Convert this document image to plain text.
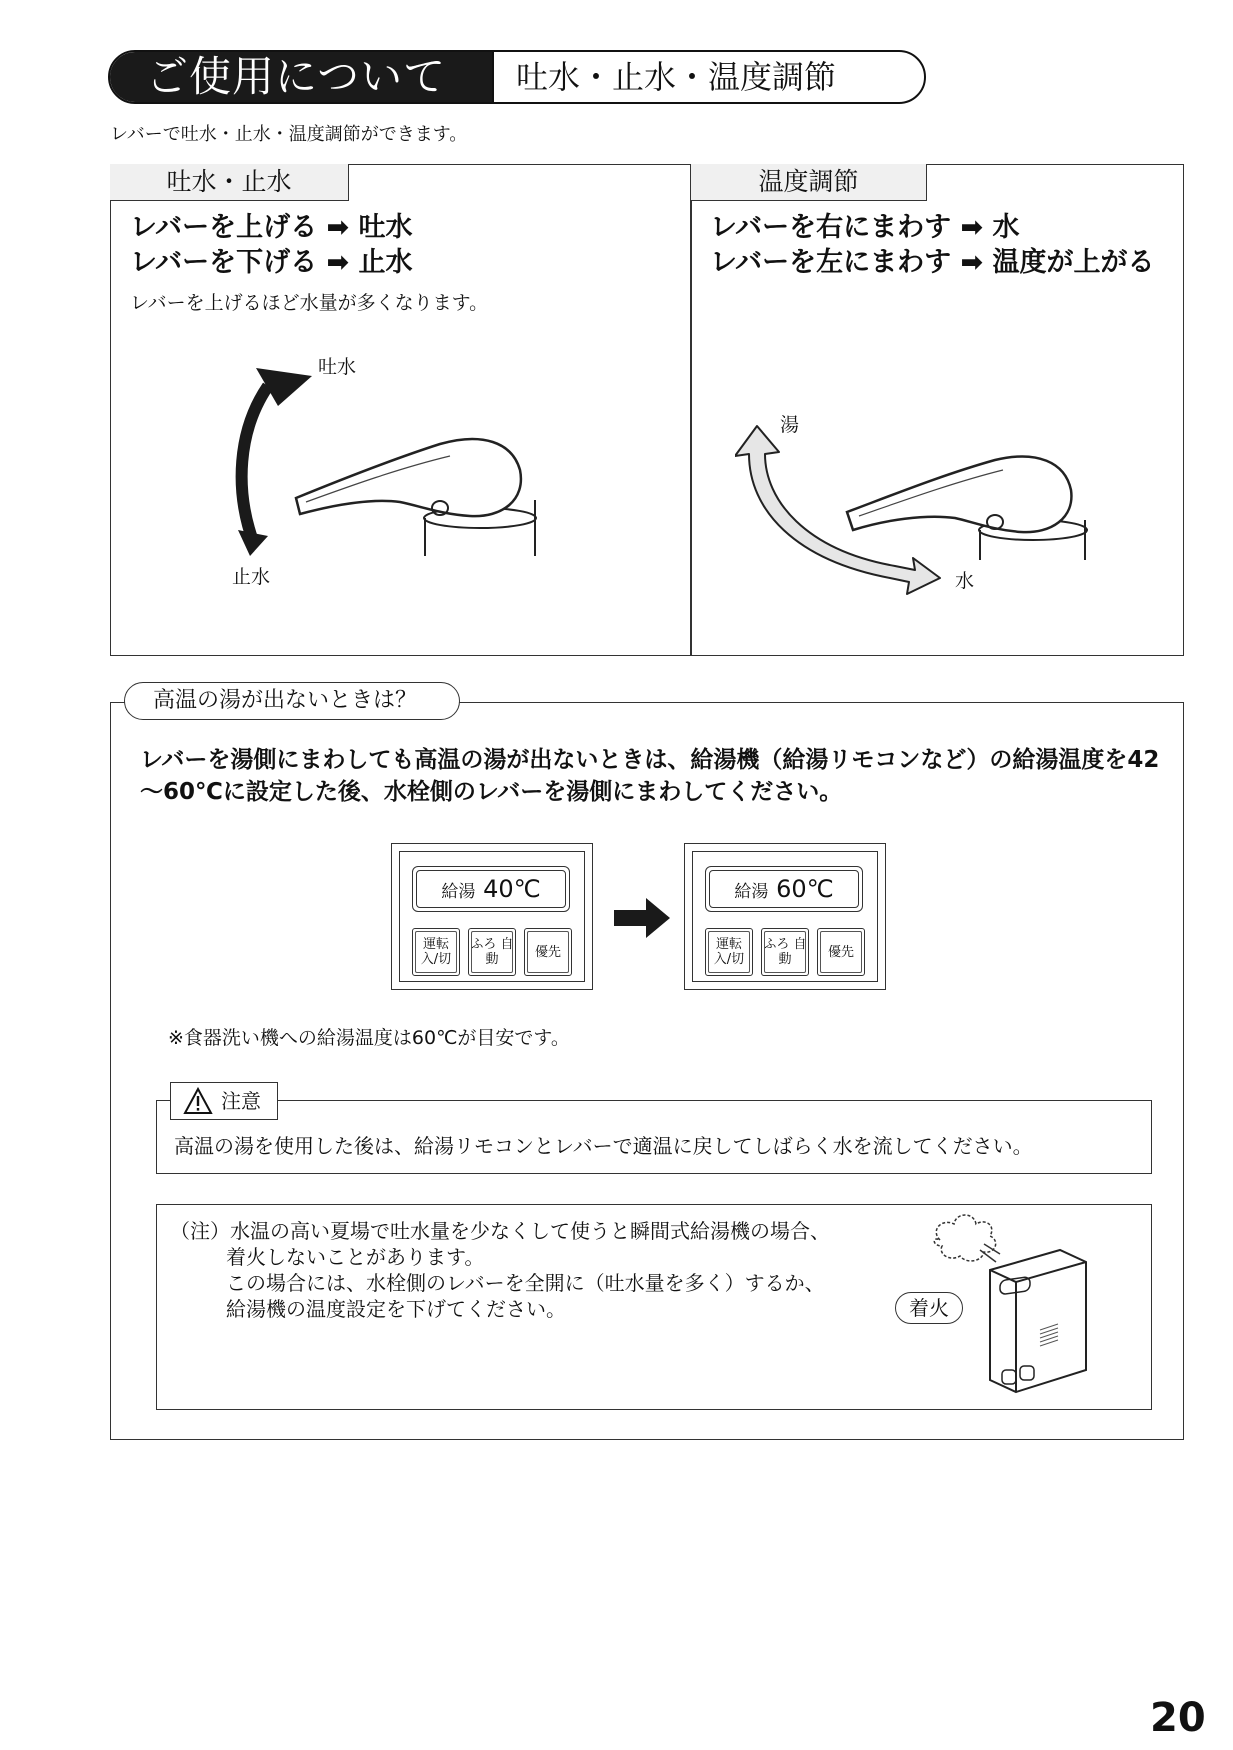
ご使用について	吐水・止水・温度調節
レバーで吐水・止水・温度調節ができます。
吐水・止水
レバーを上げる ➡ 吐水
レバーを下げる ➡ 止水
レバーを上げるほど水量が多くなります。
吐水
止水
温度調節
レバーを右にまわす ➡ 水
レバーを左にまわす ➡ 温度が上がる
湯
水
高温の湯が出ないときは？
レバーを湯側にまわしても高温の湯が出ないときは、給湯機（給湯リモコンなど）の給湯温度を42～60℃に設定した後、水栓側のレバーを湯側にまわしてください。
給湯 40℃
運転 入/切
ふろ 自動	優先
給湯 60℃
運転 入/切
ふろ 自動	優先
※食器洗い機への給湯温度は60℃が目安です。
注意
高温の湯を使用した後は、給湯リモコンとレバーで適温に戻してしばらく水を流してください。
（注）水温の高い夏場で吐水量を少なくして使うと瞬間式給湯機の場合、
着火しないことがあります。
この場合には、水栓側のレバーを全開に（吐水量を多く）するか、
給湯機の温度設定を下げてください。	着火
20
